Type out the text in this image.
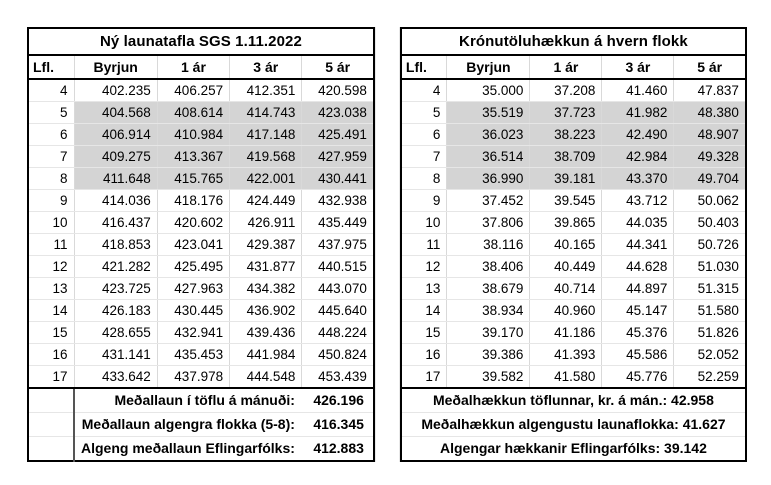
Ný launatafla SGS 1.11.2022				
Lfl.	Byrjun	1 ár	3 ár	5 ár
4	402.235	406.257	412.351	420.598
5	404.568	408.614	414.743	423.038
6	406.914	410.984	417.148	425.491
7	409.275	413.367	419.568	427.959
8	411.648	415.765	422.001	430.441
9	414.036	418.176	424.449	432.938
10	416.437	420.602	426.911	435.449
11	418.853	423.041	429.387	437.975
12	421.282	425.495	431.877	440.515
13	423.725	427.963	434.382	443.070
14	426.183	430.445	436.902	445.640
15	428.655	432.941	439.436	448.224
16	431.141	435.453	441.984	450.824
17	433.642	437.978	444.548	453.439
	Meðallaun í töflu á mánuði:			426.196
	Meðallaun algengra flokka (5-8):			416.345
	Algeng meðallaun Eflingarfólks:			412.883
Krónutöluhækkun á hvern flokk				
Lfl.	Byrjun	1 ár	3 ár	5 ár
4	35.000	37.208	41.460	47.837
5	35.519	37.723	41.982	48.380
6	36.023	38.223	42.490	48.907
7	36.514	38.709	42.984	49.328
8	36.990	39.181	43.370	49.704
9	37.452	39.545	43.712	50.062
10	37.806	39.865	44.035	50.403
11	38.116	40.165	44.341	50.726
12	38.406	40.449	44.628	51.030
13	38.679	40.714	44.897	51.315
14	38.934	40.960	45.147	51.580
15	39.170	41.186	45.376	51.826
16	39.386	41.393	45.586	52.052
17	39.582	41.580	45.776	52.259
Meðalhækkun töflunnar, kr. á mán.: 42.958				
Meðalhækkun algengustu launaflokka: 41.627				
Algengar hækkanir Eflingarfólks: 39.142				
